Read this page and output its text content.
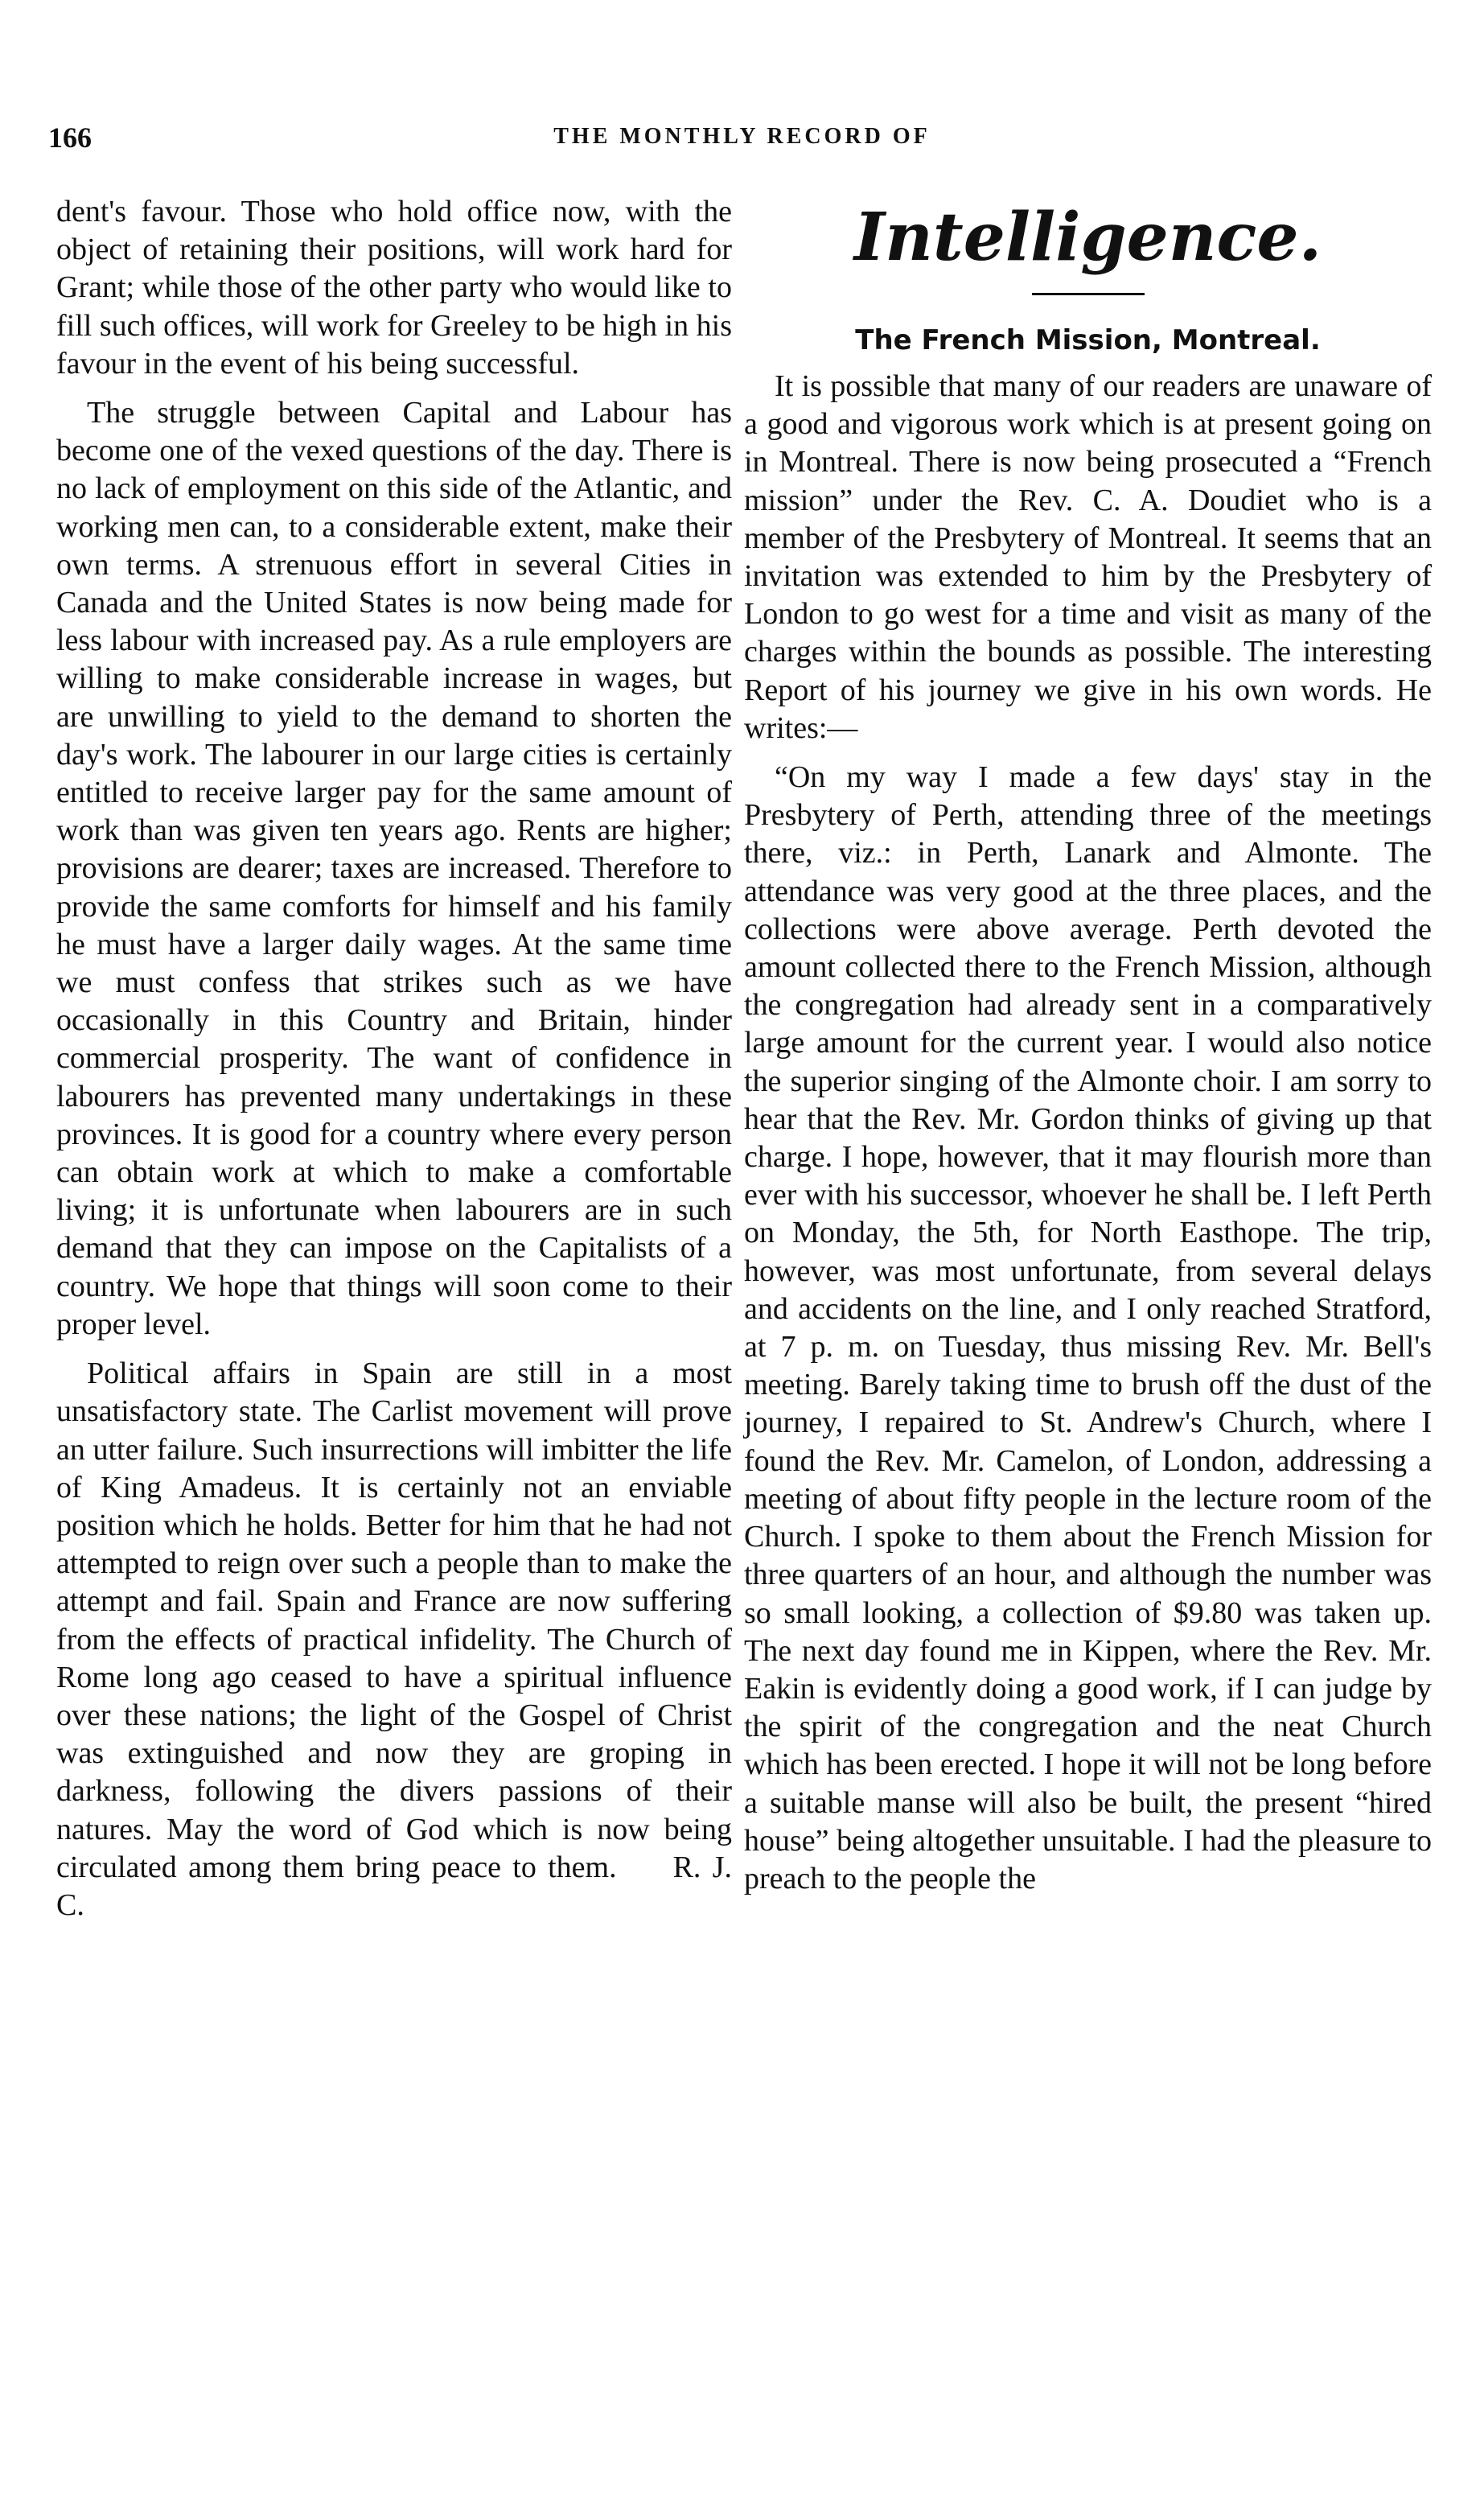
166	THE MONTHLY RECORD OF

dent's favour. Those who hold office now, with the object of retaining their positions, will work hard for Grant; while those of the other party who would like to fill such offices, will work for Greeley to be high in his favour in the event of his being successful.

The struggle between Capital and Labour has become one of the vexed questions of the day. There is no lack of employment on this side of the Atlantic, and working men can, to a considerable extent, make their own terms. A strenuous effort in several Cities in Canada and the United States is now being made for less labour with increased pay. As a rule employers are willing to make considerable increase in wages, but are unwilling to yield to the demand to shorten the day's work. The labourer in our large cities is certainly entitled to receive larger pay for the same amount of work than was given ten years ago. Rents are higher; provisions are dearer; taxes are increased. Therefore to provide the same comforts for himself and his family he must have a larger daily wages. At the same time we must confess that strikes such as we have occasionally in this Country and Britain, hinder commercial prosperity. The want of confidence in labourers has prevented many undertakings in these provinces. It is good for a country where every person can obtain work at which to make a comfortable living; it is unfortunate when labourers are in such demand that they can impose on the Capitalists of a country. We hope that things will soon come to their proper level.

Political affairs in Spain are still in a most unsatisfactory state. The Carlist movement will prove an utter failure. Such insurrections will imbitter the life of King Amadeus. It is certainly not an enviable position which he holds. Better for him that he had not attempted to reign over such a people than to make the attempt and fail. Spain and France are now suffering from the effects of practical infidelity. The Church of Rome long ago ceased to have a spiritual influence over these nations; the light of the Gospel of Christ was extinguished and now they are groping in darkness, following the divers passions of their natures. May the word of God which is now being circulated among them bring peace to them. R. J. C.

Intelligence.
The French Mission, Montreal.

It is possible that many of our readers are unaware of a good and vigorous work which is at present going on in Montreal. There is now being prosecuted a “French mission” under the Rev. C. A. Doudiet who is a member of the Presbytery of Montreal. It seems that an invitation was extended to him by the Presbytery of London to go west for a time and visit as many of the charges within the bounds as possible. The interesting Report of his journey we give in his own words. He writes:—

“On my way I made a few days' stay in the Presbytery of Perth, attending three of the meetings there, viz.: in Perth, Lanark and Almonte. The attendance was very good at the three places, and the collections were above average. Perth devoted the amount collected there to the French Mission, although the congregation had already sent in a comparatively large amount for the current year. I would also notice the superior singing of the Almonte choir. I am sorry to hear that the Rev. Mr. Gordon thinks of giving up that charge. I hope, however, that it may flourish more than ever with his successor, whoever he shall be. I left Perth on Monday, the 5th, for North Easthope. The trip, however, was most unfortunate, from several delays and accidents on the line, and I only reached Stratford, at 7 p. m. on Tuesday, thus missing Rev. Mr. Bell's meeting. Barely taking time to brush off the dust of the journey, I repaired to St. Andrew's Church, where I found the Rev. Mr. Camelon, of London, addressing a meeting of about fifty people in the lecture room of the Church. I spoke to them about the French Mission for three quarters of an hour, and although the number was so small looking, a collection of $9.80 was taken up. The next day found me in Kippen, where the Rev. Mr. Eakin is evidently doing a good work, if I can judge by the spirit of the congregation and the neat Church which has been erected. I hope it will not be long before a suitable manse will also be built, the present “hired house” being altogether unsuitable. I had the pleasure to preach to the people the
